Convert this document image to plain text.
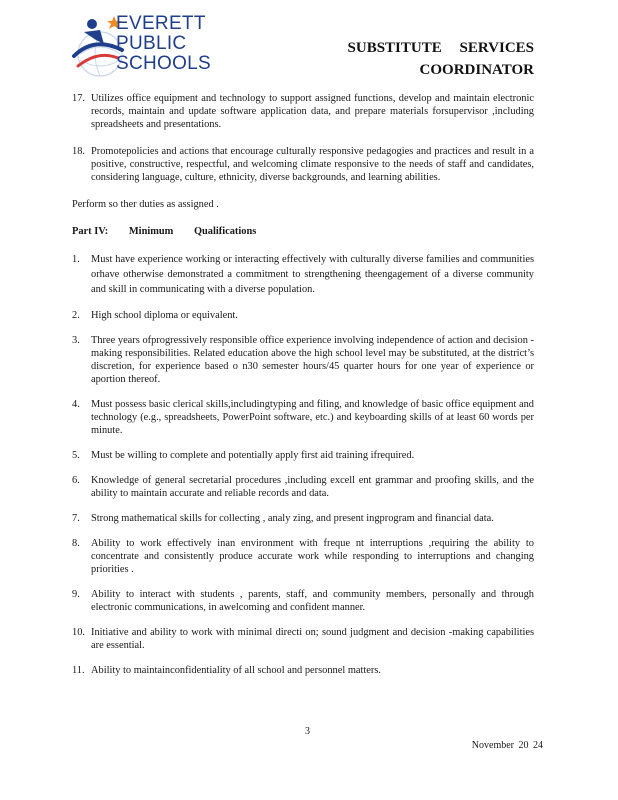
EVERETT
PUBLIC
SCHOOLS
SUBSTITUTE SERVICES
COORDINATOR
17. Utilizes office equipment and technology to support assigned functions, develop and maintain electronic records, maintain and update software application data, and prepare materials forsupervisor ,including spreadsheets and presentations.
18. Promotepolicies and actions that encourage culturally responsive pedagogies and practices and result in a positive, constructive, respectful, and welcoming climate responsive to the needs of staff and candidates, considering language, culture, ethnicity, diverse backgrounds, and learning abilities.

Perform so ther duties as assigned .

Part IV: Minimum Qualifications

1. Must have experience working or interacting effectively with culturally diverse families and communities orhave otherwise demonstrated a commitment to strengthening theengagement of a diverse community and skill in communicating with a diverse population.
2. High school diploma or equivalent.
3. Three years ofprogressively responsible office experience involving independence of action and decision -making responsibilities. Related education above the high school level may be substituted, at the district’s discretion, for experience based o n30 semester hours/45 quarter hours for one year of experience or aportion thereof.
4. Must possess basic clerical skills,includingtyping and filing, and knowledge of basic office equipment and technology (e.g., spreadsheets, PowerPoint software, etc.) and keyboarding skills of at least 60 words per minute.
5. Must be willing to complete and potentially apply first aid training ifrequired.
6. Knowledge of general secretarial procedures ,including excell ent grammar and proofing skills, and the ability to maintain accurate and reliable records and data.
7. Strong mathematical skills for collecting , analy zing, and present ingprogram and financial data.
8. Ability to work effectively inan environment with freque nt interruptions ,requiring the ability to concentrate and consistently produce accurate work while responding to interruptions and changing priorities .
9. Ability to interact with students , parents, staff, and community members, personally and through electronic communications, in awelcoming and confident manner.
10. Initiative and ability to work with minimal directi on; sound judgment and decision -making capabilities are essential.
11. Ability to maintainconfidentiality of all school and personnel matters.
3
November 20 24
